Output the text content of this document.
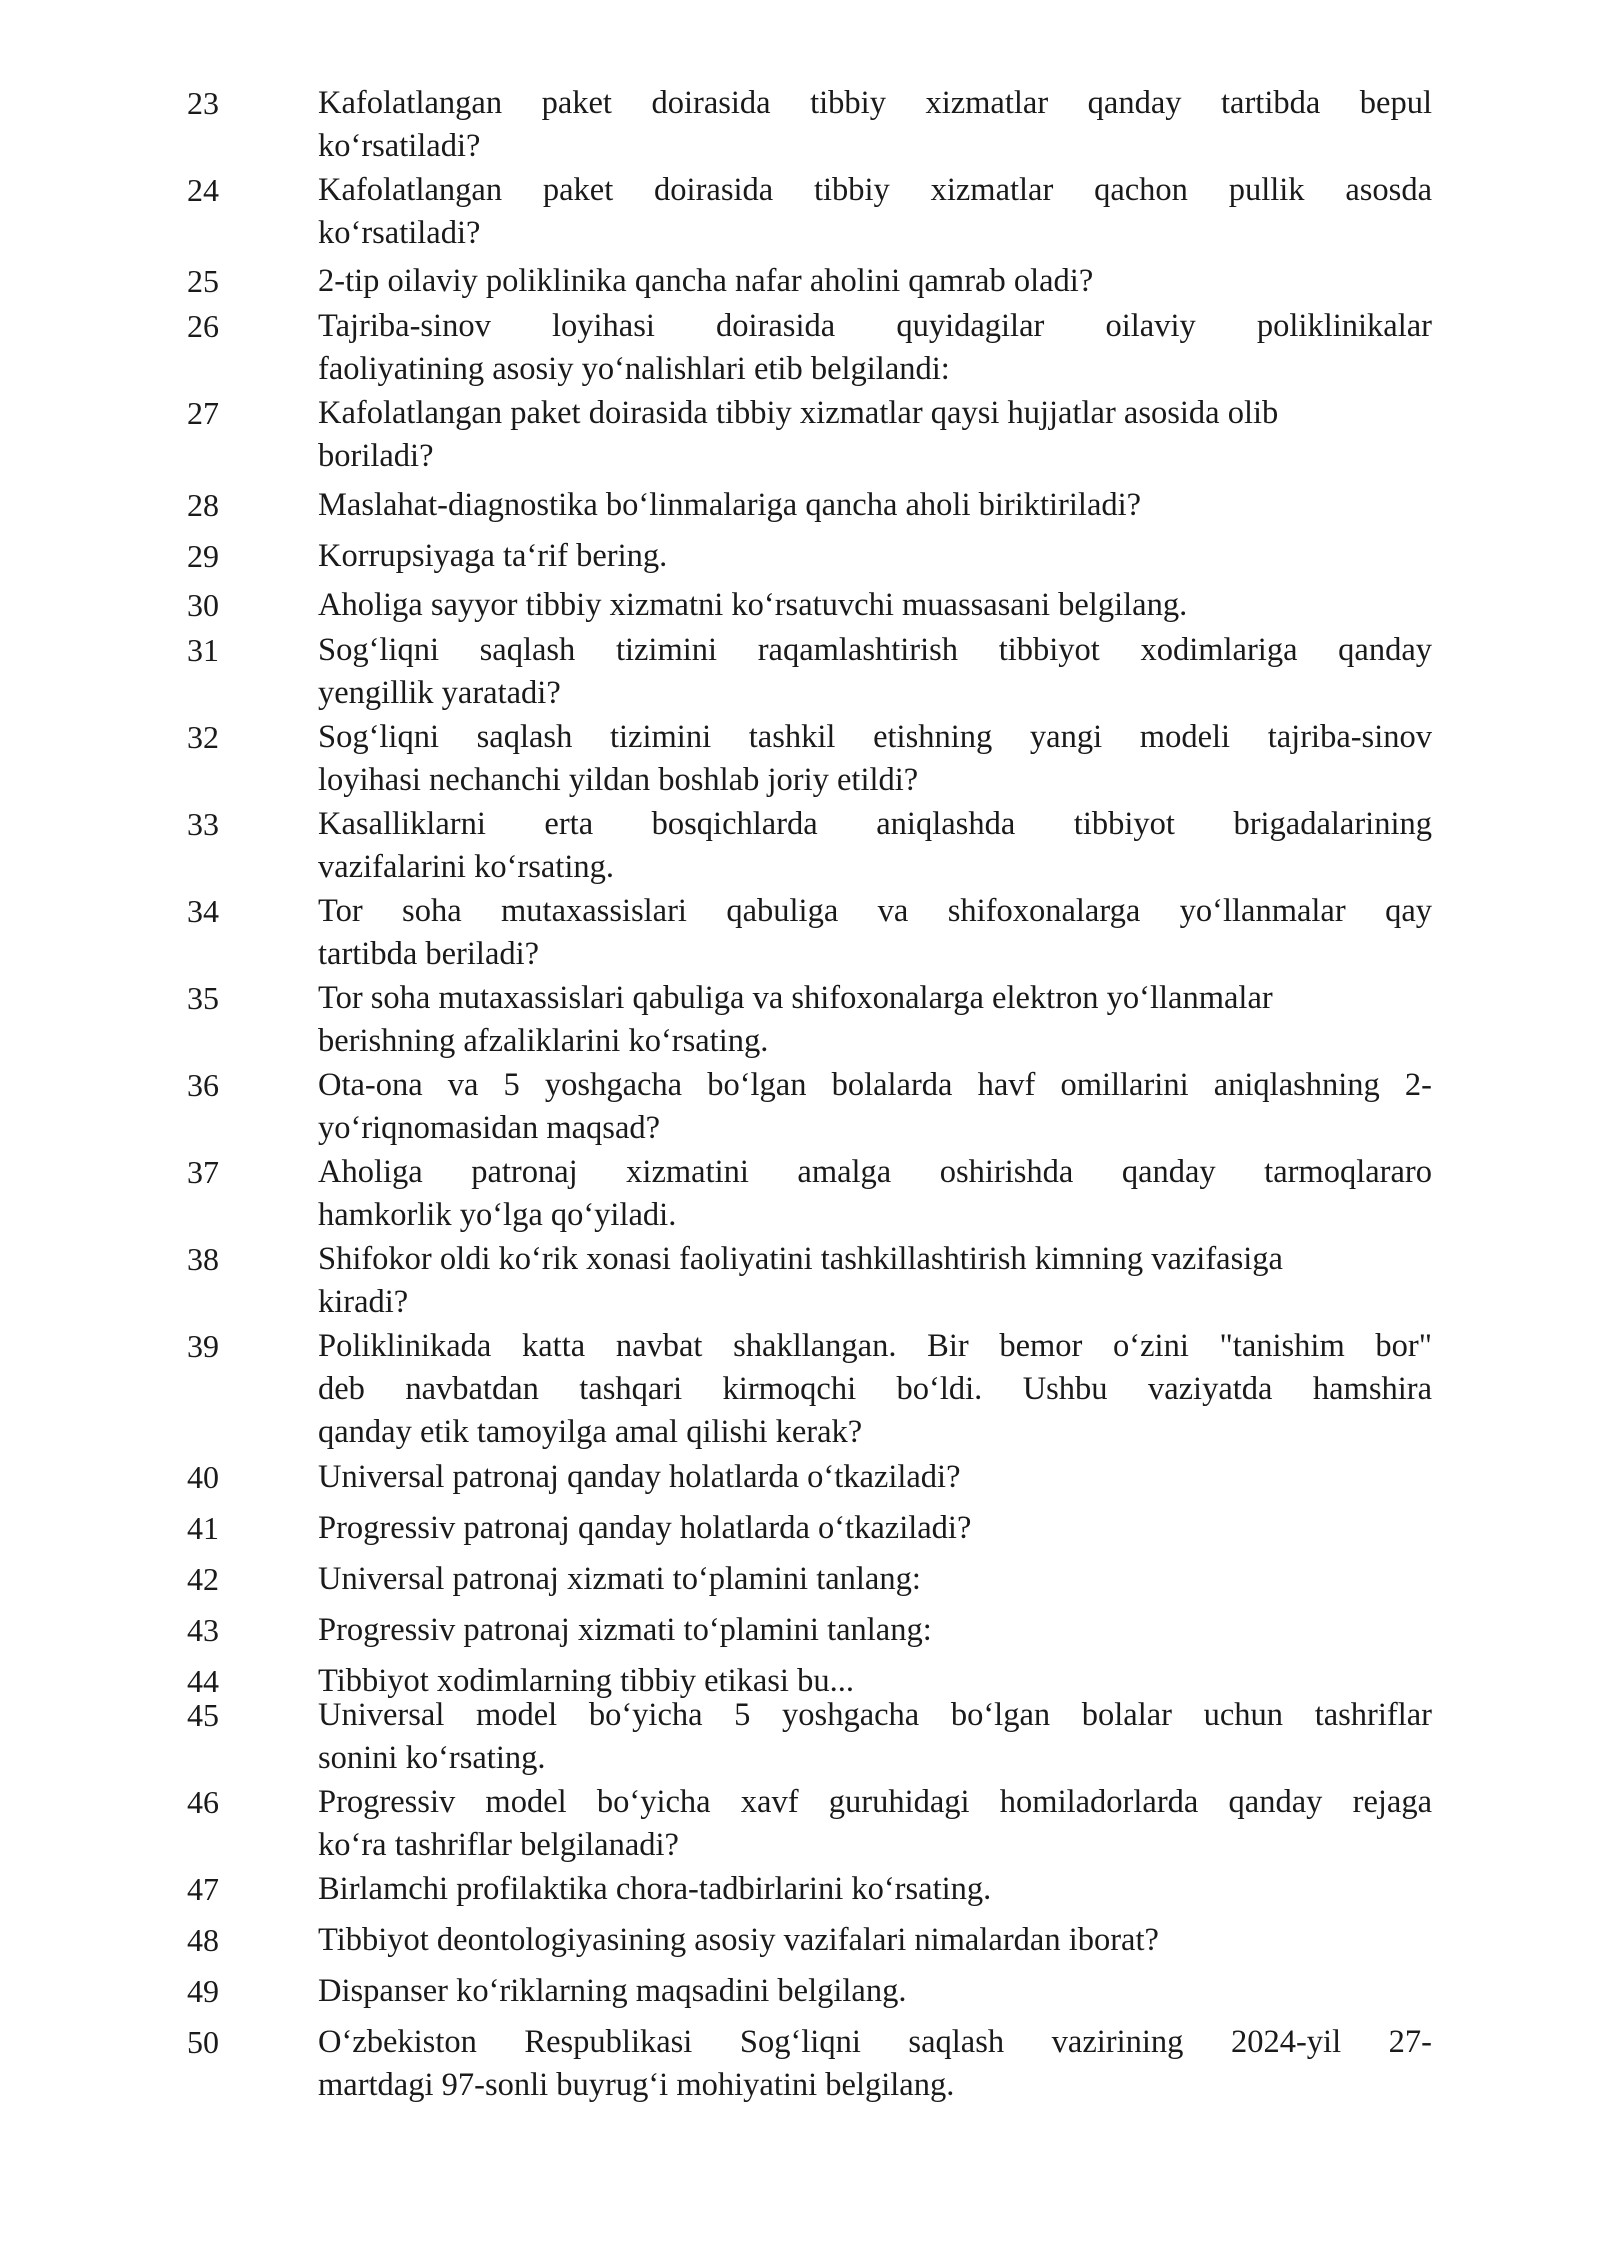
23	Kafolatlangan paket doirasida tibbiy xizmatlar qanday tartibda bepul
koʻrsatiladi?
24	Kafolatlangan paket doirasida tibbiy xizmatlar qachon pullik asosda
koʻrsatiladi?
25	2-tip oilaviy poliklinika qancha nafar aholini qamrab oladi?
26	Tajriba-sinov loyihasi doirasida quyidagilar oilaviy poliklinikalar
faoliyatining asosiy yoʻnalishlari etib belgilandi:
27	Kafolatlangan paket doirasida tibbiy xizmatlar qaysi hujjatlar asosida olib
boriladi?
28	Maslahat-diagnostika boʻlinmalariga qancha aholi biriktiriladi?
29	Korrupsiyaga taʻrif bering.
30	Aholiga sayyor tibbiy xizmatni koʻrsatuvchi muassasani belgilang.
31	Sogʻliqni saqlash tizimini raqamlashtirish tibbiyot xodimlariga qanday
yengillik yaratadi?
32	Sogʻliqni saqlash tizimini tashkil etishning yangi modeli tajriba-sinov
loyihasi nechanchi yildan boshlab joriy etildi?
33	Kasalliklarni erta bosqichlarda aniqlashda tibbiyot brigadalarining
vazifalarini koʻrsating.
34	Tor soha mutaxassislari qabuliga va shifoxonalarga yoʻllanmalar qay
tartibda beriladi?
35	Tor soha mutaxassislari qabuliga va shifoxonalarga elektron yoʻllanmalar
berishning afzaliklarini koʻrsating.
36	Ota-ona va 5 yoshgacha boʻlgan bolalarda havf omillarini aniqlashning 2-
yoʻriqnomasidan maqsad?
37	Aholiga patronaj xizmatini amalga oshirishda qanday tarmoqlararo
hamkorlik yoʻlga qoʻyiladi.
38	Shifokor oldi koʻrik xonasi faoliyatini tashkillashtirish kimning vazifasiga
kiradi?
39	Poliklinikada katta navbat shakllangan. Bir bemor oʻzini "tanishim bor"
deb navbatdan tashqari kirmoqchi boʻldi. Ushbu vaziyatda hamshira
qanday etik tamoyilga amal qilishi kerak?
40	Universal patronaj qanday holatlarda oʻtkaziladi?
41	Progressiv patronaj qanday holatlarda oʻtkaziladi?
42	Universal patronaj xizmati toʻplamini tanlang:
43	Progressiv patronaj xizmati toʻplamini tanlang:
44	Tibbiyot xodimlarning tibbiy etikasi bu...
45	Universal model boʻyicha 5 yoshgacha boʻlgan bolalar uchun tashriflar
sonini koʻrsating.
46	Progressiv model boʻyicha xavf guruhidagi homiladorlarda qanday rejaga
koʻra tashriflar belgilanadi?
47	Birlamchi profilaktika chora-tadbirlarini koʻrsating.
48	Tibbiyot deontologiyasining asosiy vazifalari nimalardan iborat?
49	Dispanser koʻriklarning maqsadini belgilang.
50	Oʻzbekiston Respublikasi Sogʻliqni saqlash vazirining 2024-yil 27-
martdagi 97-sonli buyrugʻi mohiyatini belgilang.
